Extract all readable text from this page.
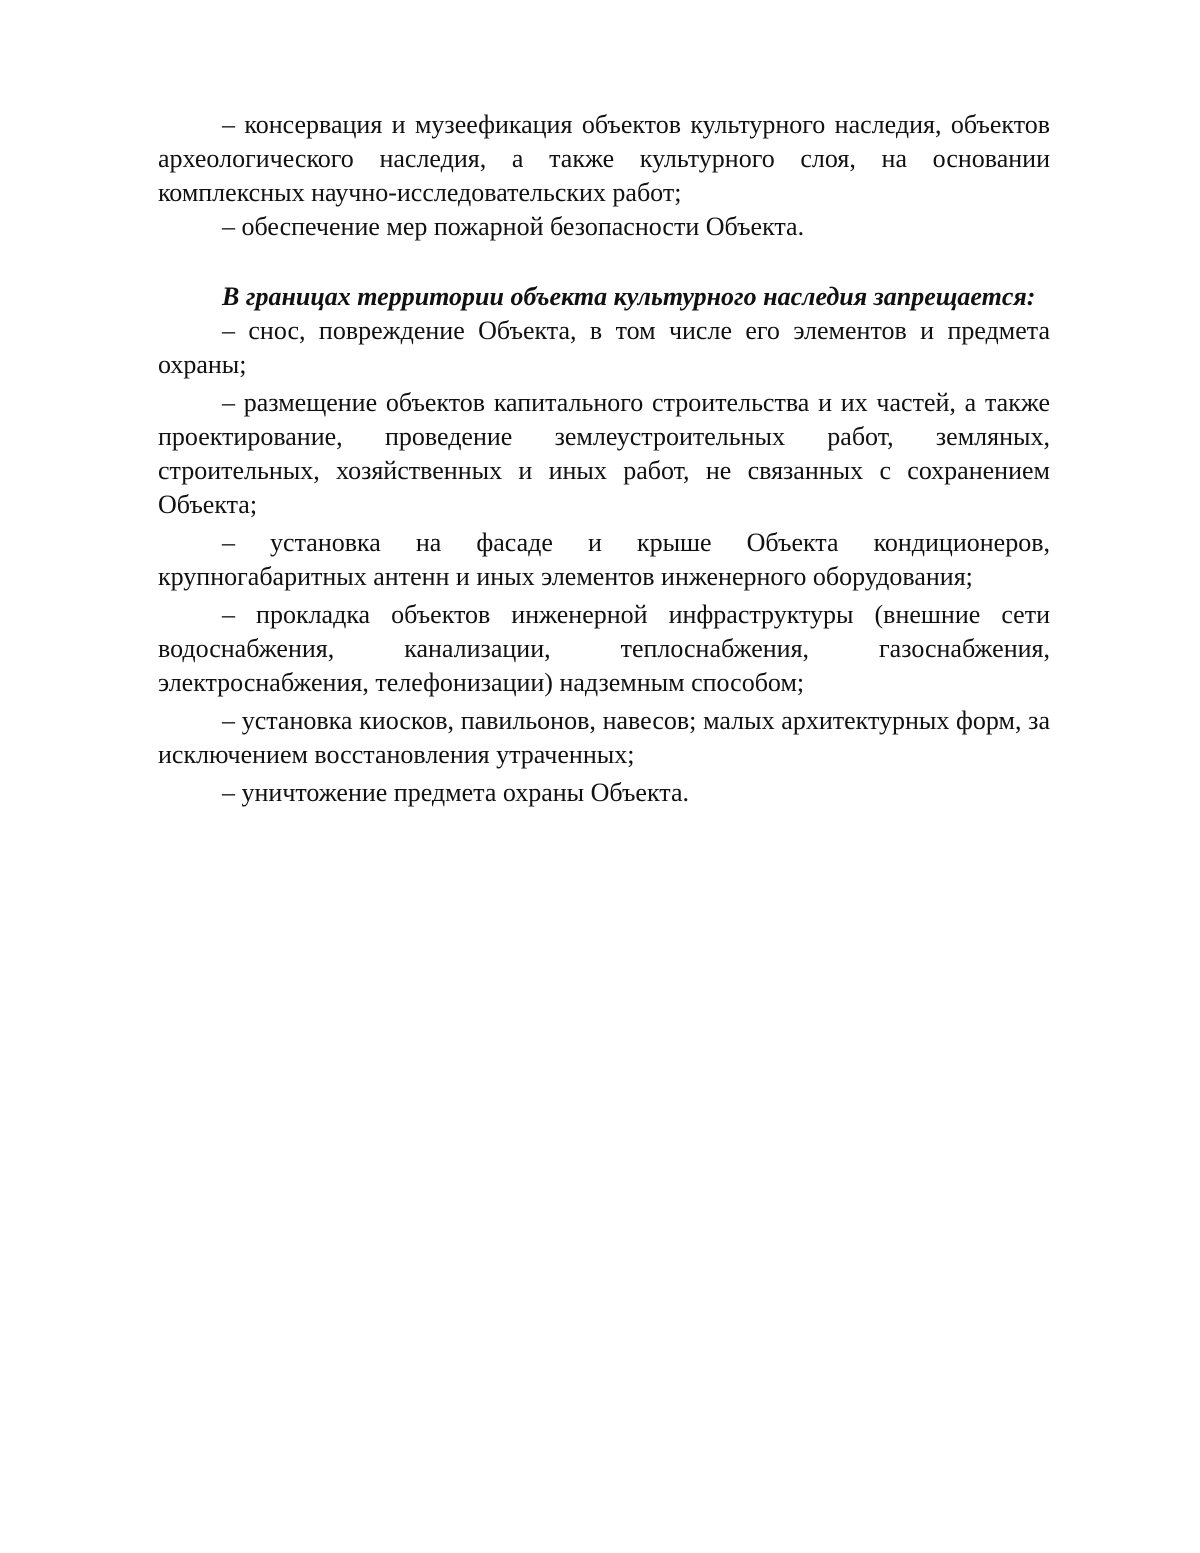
– консервация и музеефикация объектов культурного наследия, объектов археологического наследия, а также культурного слоя, на основании комплексных научно-исследовательских работ;

– обеспечение мер пожарной безопасности Объекта.

В границах территории объекта культурного наследия запрещается:

– снос, повреждение Объекта, в том числе его элементов и предмета охраны;

– размещение объектов капитального строительства и их частей, а также проектирование, проведение землеустроительных работ, земляных, строительных, хозяйственных и иных работ, не связанных с сохранением Объекта;

– установка на фасаде и крыше Объекта кондиционеров, крупногабаритных антенн и иных элементов инженерного оборудования;

– прокладка объектов инженерной инфраструктуры (внешние сети водоснабжения, канализации, теплоснабжения, газоснабжения, электроснабжения, телефонизации) надземным способом;

– установка киосков, павильонов, навесов; малых архитектурных форм, за исключением восстановления утраченных;

– уничтожение предмета охраны Объекта.
